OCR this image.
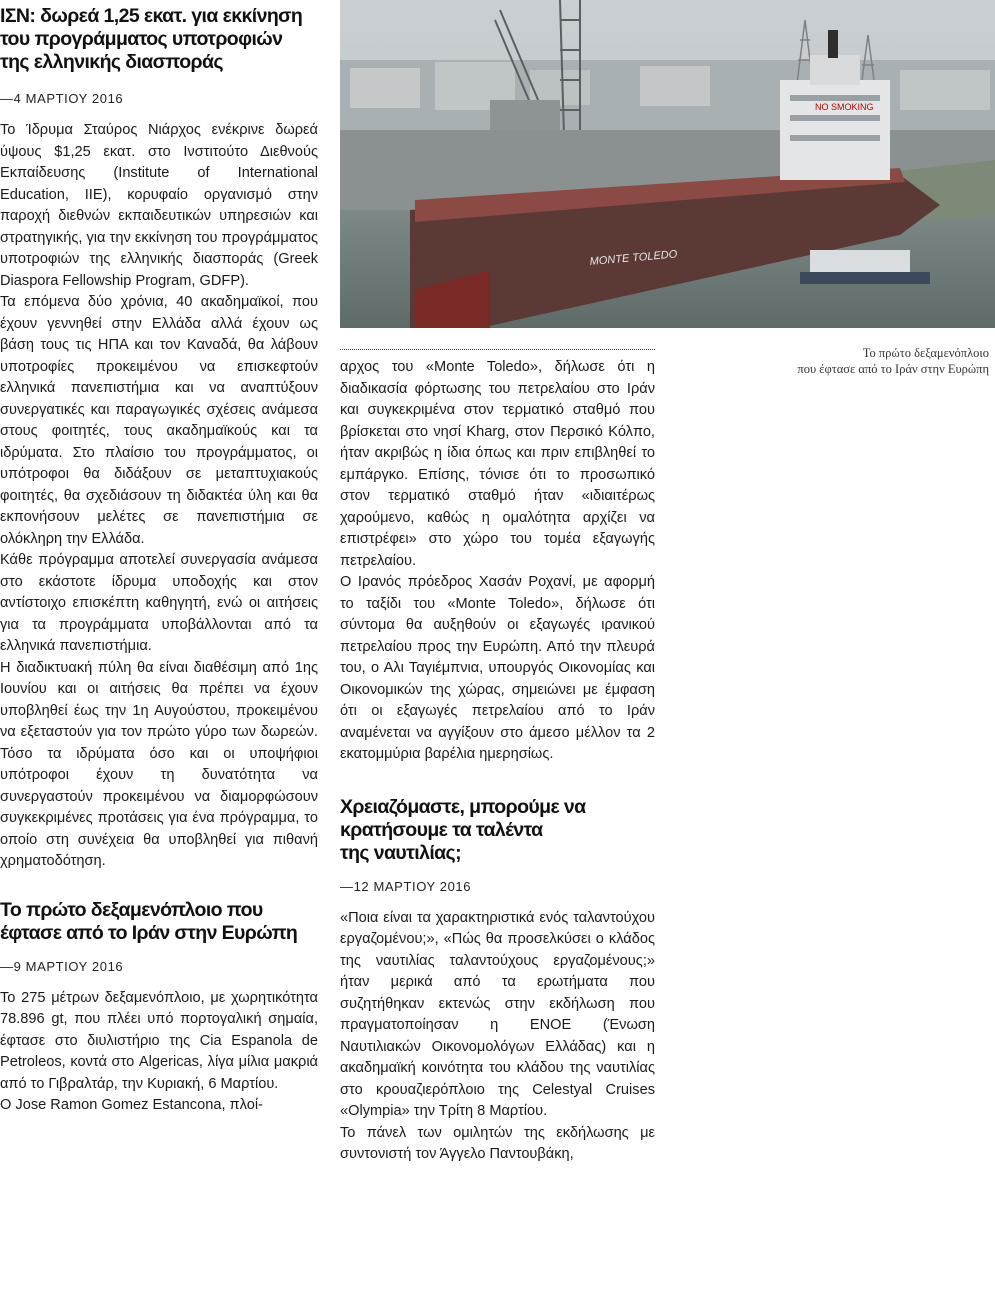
ΙΣΝ: δωρεά 1,25 εκατ. για εκκίνηση
του προγράμματος υποτροφιών
της ελληνικής διασποράς
—4 ΜΑΡΤΙΟΥ 2016

Το Ίδρυμα Σταύρος Νιάρχος ενέκρινε δωρεά ύψους $1,25 εκατ. στο Ινστιτούτο Διεθνούς Εκπαίδευσης (Institute of International Education, IIE), κορυφαίο οργανισμό στην παροχή διεθνών εκπαιδευτικών υπηρεσιών και στρατηγικής, για την εκκίνηση του προγράμματος υποτροφιών της ελληνικής διασποράς (Greek Diaspora Fellowship Program, GDFP).

Τα επόμενα δύο χρόνια, 40 ακαδημαϊκοί, που έχουν γεννηθεί στην Ελλάδα αλλά έχουν ως βάση τους τις ΗΠΑ και τον Καναδά, θα λάβουν υποτροφίες προκειμένου να επισκεφτούν ελληνικά πανεπιστήμια και να αναπτύξουν συνεργατικές και παραγωγικές σχέσεις ανάμεσα στους φοιτητές, τους ακαδημαϊκούς και τα ιδρύματα. Στο πλαίσιο του προγράμματος, οι υπότροφοι θα διδάξουν σε μεταπτυχιακούς φοιτητές, θα σχεδιάσουν τη διδακτέα ύλη και θα εκπονήσουν μελέτες σε πανεπιστήμια σε ολόκληρη την Ελλάδα.

Κάθε πρόγραμμα αποτελεί συνεργασία ανάμεσα στο εκάστοτε ίδρυμα υποδοχής και στον αντίστοιχο επισκέπτη καθηγητή, ενώ οι αιτήσεις για τα προγράμματα υποβάλλονται από τα ελληνικά πανεπιστήμια.

Η διαδικτυακή πύλη θα είναι διαθέσιμη από 1ης Ιουνίου και οι αιτήσεις θα πρέπει να έχουν υποβληθεί έως την 1η Αυγούστου, προκειμένου να εξεταστούν για τον πρώτο γύρο των δωρεών. Τόσο τα ιδρύματα όσο και οι υποψήφιοι υπότροφοι έχουν τη δυνατότητα να συνεργαστούν προκειμένου να διαμορφώσουν συγκεκριμένες προτάσεις για ένα πρόγραμμα, το οποίο στη συνέχεια θα υποβληθεί για πιθανή χρηματοδότηση.

Το πρώτο δεξαμενόπλοιο που
έφτασε από το Ιράν στην Ευρώπη
—9 ΜΑΡΤΙΟΥ 2016

Το 275 μέτρων δεξαμενόπλοιο, με χωρητικότητα 78.896 gt, που πλέει υπό πορτογαλική σημαία, έφτασε στο διυλιστήριο της Cia Espanola de Petroleos, κοντά στο Algericas, λίγα μίλια μακριά από το Γιβραλτάρ, την Κυριακή, 6 Μαρτίου.

Ο Jose Ramon Gomez Estancona, πλοί-

NO SMOKING
MONTE TOLEDO
Το πρώτο δεξαμενόπλοιο
που έφτασε από το Ιράν στην Ευρώπη

αρχος του «Monte Toledo», δήλωσε ότι η διαδικασία φόρτωσης του πετρελαίου στο Ιράν και συγκεκριμένα στον τερματικό σταθμό που βρίσκεται στο νησί Kharg, στον Περσικό Κόλπο, ήταν ακριβώς η ίδια όπως και πριν επιβληθεί το εμπάργκο. Επίσης, τόνισε ότι το προσωπικό στον τερματικό σταθμό ήταν «ιδιαιτέρως χαρούμενο, καθώς η ομαλότητα αρχίζει να επιστρέφει» στο χώρο του τομέα εξαγωγής πετρελαίου.

Ο Ιρανός πρόεδρος Χασάν Ροχανί, με αφορμή το ταξίδι του «Monte Toledo», δήλωσε ότι σύντομα θα αυξηθούν οι εξαγωγές ιρανικού πετρελαίου προς την Ευρώπη. Από την πλευρά του, ο Αλι Ταγιέμπνια, υπουργός Οικονομίας και Οικονομικών της χώρας, σημειώνει με έμφαση ότι οι εξαγωγές πετρελαίου από το Ιράν αναμένεται να αγγίξουν στο άμεσο μέλλον τα 2 εκατομμύρια βαρέλια ημερησίως.

Χρειαζόμαστε, μπορούμε να
κρατήσουμε τα ταλέντα
της ναυτιλίας;
—12 ΜΑΡΤΙΟΥ 2016

«Ποια είναι τα χαρακτηριστικά ενός ταλαντούχου εργαζομένου;», «Πώς θα προσελκύσει ο κλάδος της ναυτιλίας ταλαντούχους εργαζομένους;» ήταν μερικά από τα ερωτήματα που συζητήθηκαν εκτενώς στην εκδήλωση που πραγματοποίησαν η ΕΝΟΕ (Ένωση Ναυτιλιακών Οικονομολόγων Ελλάδας) και η ακαδημαϊκή κοινότητα του κλάδου της ναυτιλίας στο κρουαζιερόπλοιο της Celestyal Cruises «Olympia» την Τρίτη 8 Μαρτίου.

Το πάνελ των ομιλητών της εκδήλωσης με συντονιστή τον Άγγελο Παντουβάκη,
